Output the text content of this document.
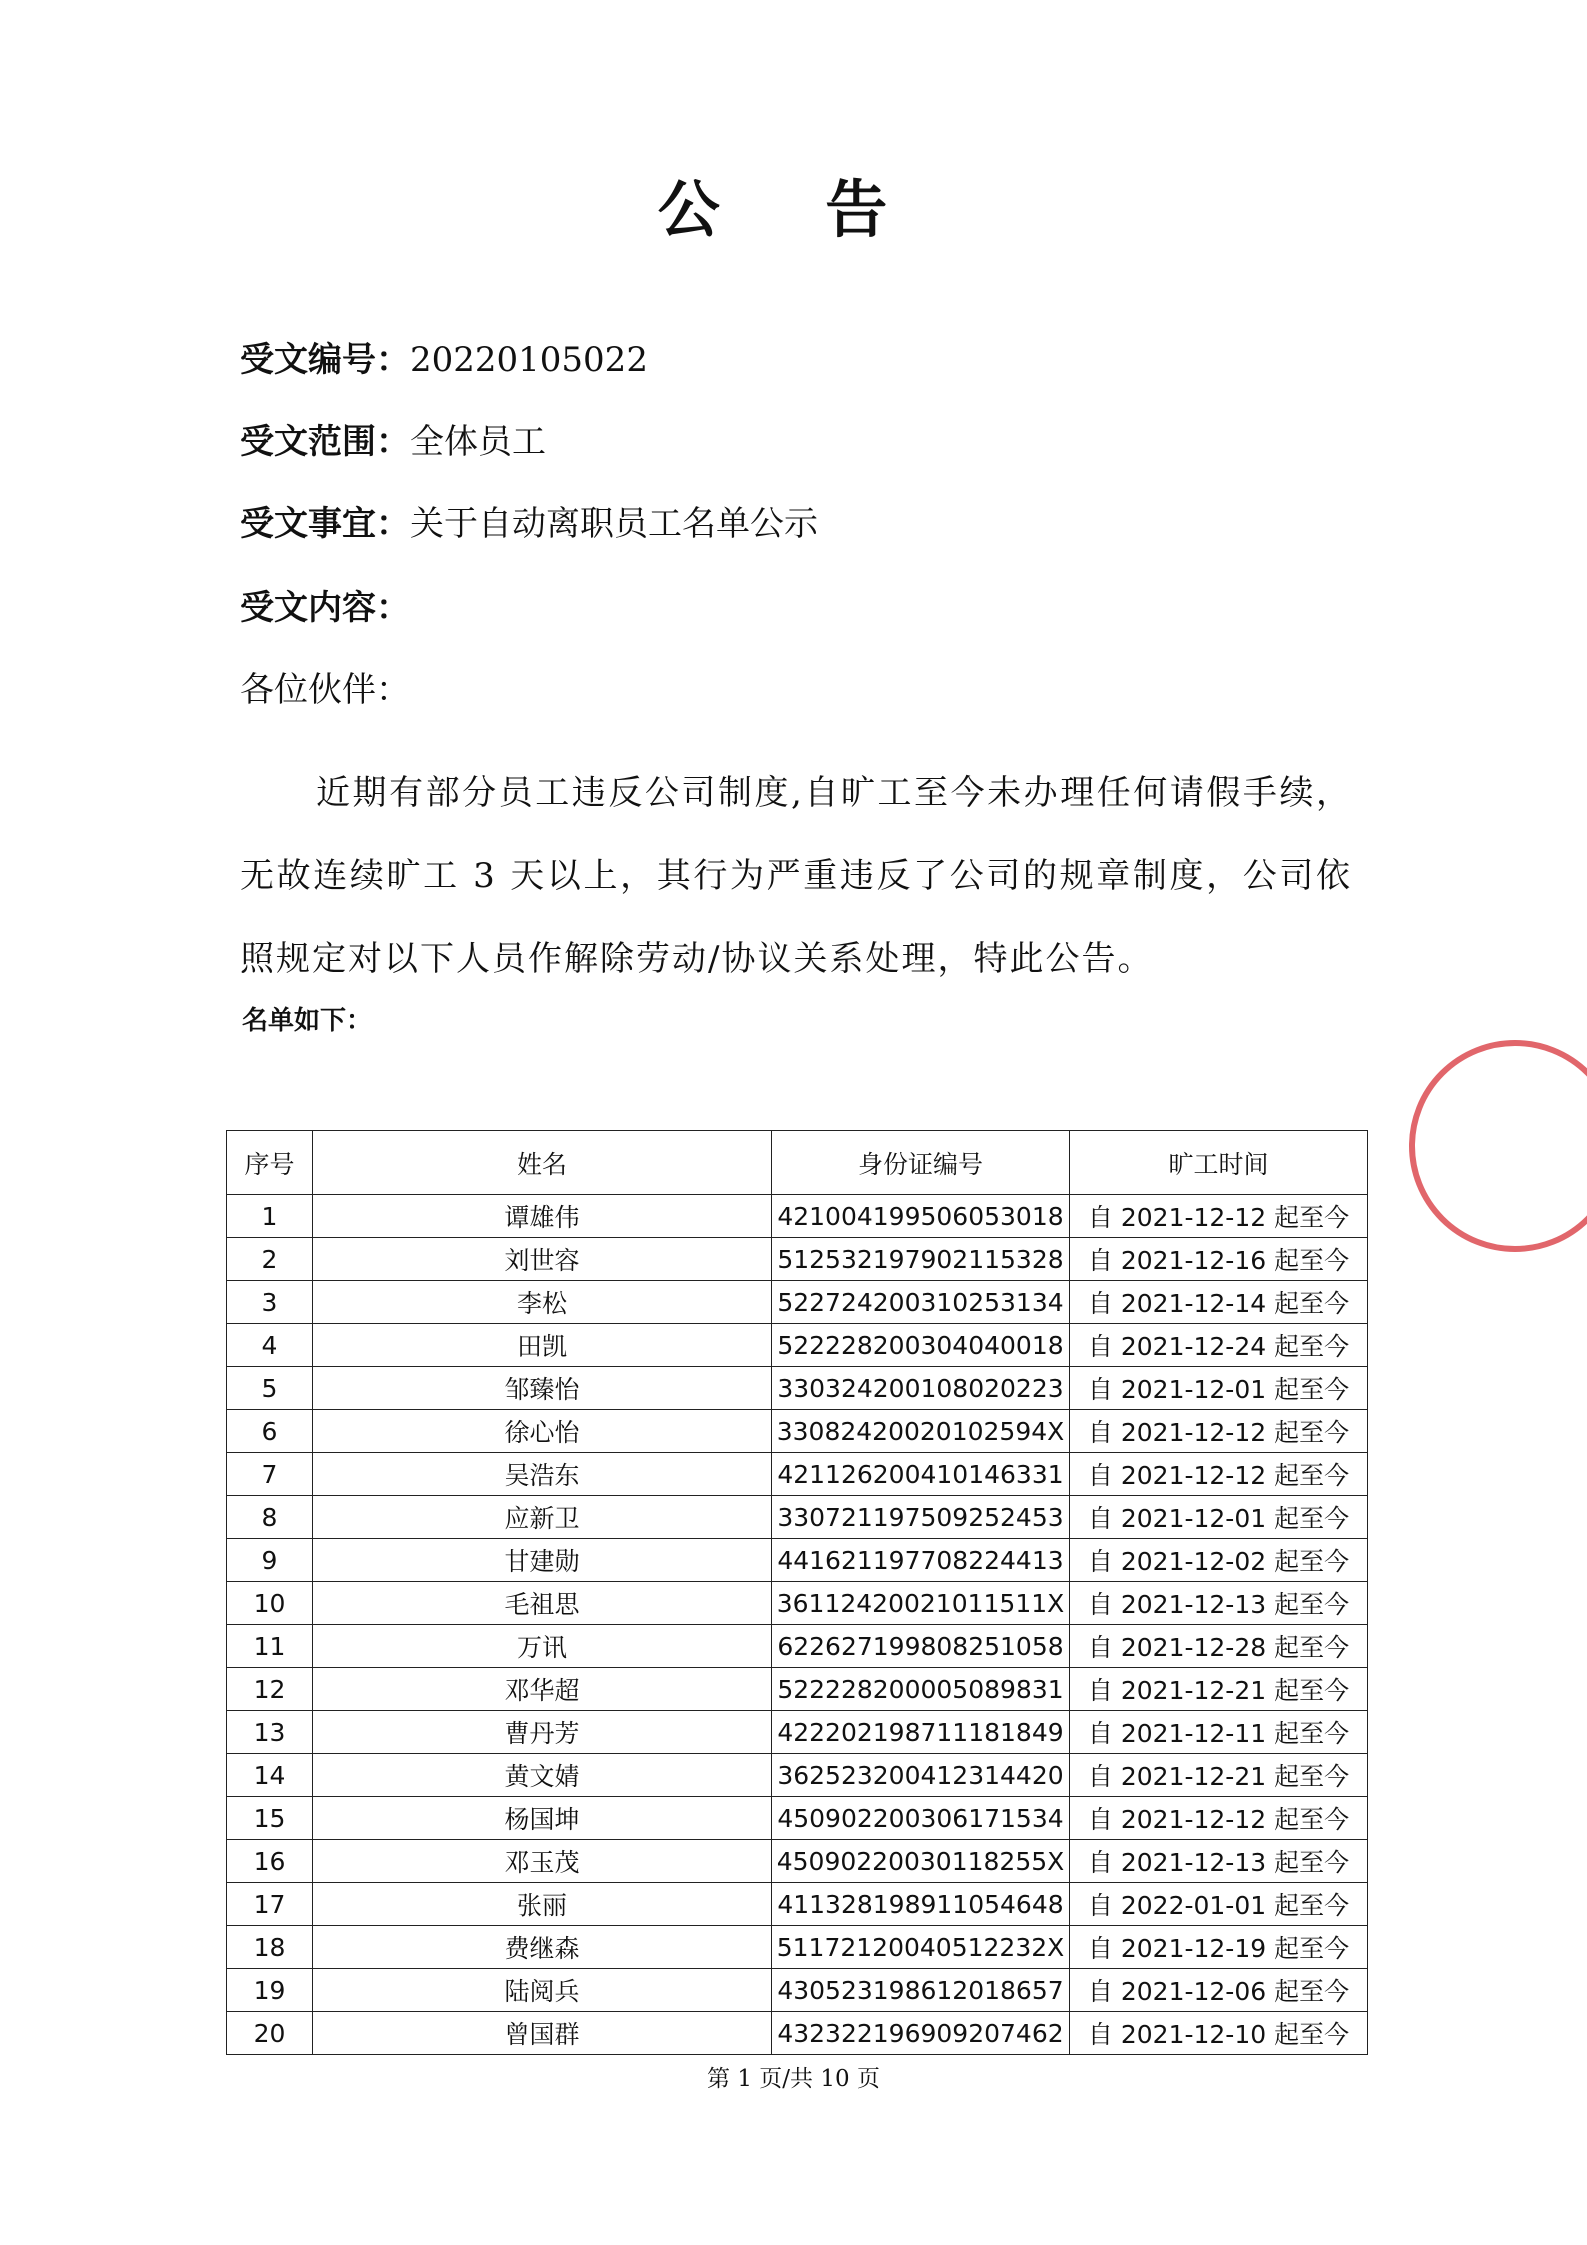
公 告
受文编号：20220105022
受文范围：全体员工
受文事宜：关于自动离职员工名单公示
受文内容：
各位伙伴：
近期有部分员工违反公司制度,自旷工至今未办理任何请假手续，无故连续旷工 3 天以上，其行为严重违反了公司的规章制度，公司依照规定对以下人员作解除劳动/协议关系处理，特此公告。
名单如下：
序号	姓名	身份证编号	旷工时间
1	谭雄伟	421004199506053018	自 2021-12-12 起至今
2	刘世容	512532197902115328	自 2021-12-16 起至今
3	李松	522724200310253134	自 2021-12-14 起至今
4	田凯	522228200304040018	自 2021-12-24 起至今
5	邹臻怡	330324200108020223	自 2021-12-01 起至今
6	徐心怡	33082420020102594X	自 2021-12-12 起至今
7	吴浩东	421126200410146331	自 2021-12-12 起至今
8	应新卫	330721197509252453	自 2021-12-01 起至今
9	甘建勋	441621197708224413	自 2021-12-02 起至今
10	毛祖思	36112420021011511X	自 2021-12-13 起至今
11	万讯	622627199808251058	自 2021-12-28 起至今
12	邓华超	522228200005089831	自 2021-12-21 起至今
13	曹丹芳	422202198711181849	自 2021-12-11 起至今
14	黄文婧	362523200412314420	自 2021-12-21 起至今
15	杨国坤	450902200306171534	自 2021-12-12 起至今
16	邓玉茂	45090220030118255X	自 2021-12-13 起至今
17	张丽	411328198911054648	自 2022-01-01 起至今
18	费继森	51172120040512232X	自 2021-12-19 起至今
19	陆阅兵	430523198612018657	自 2021-12-06 起至今
20	曾国群	432322196909207462	自 2021-12-10 起至今
第 1 页/共 10 页
